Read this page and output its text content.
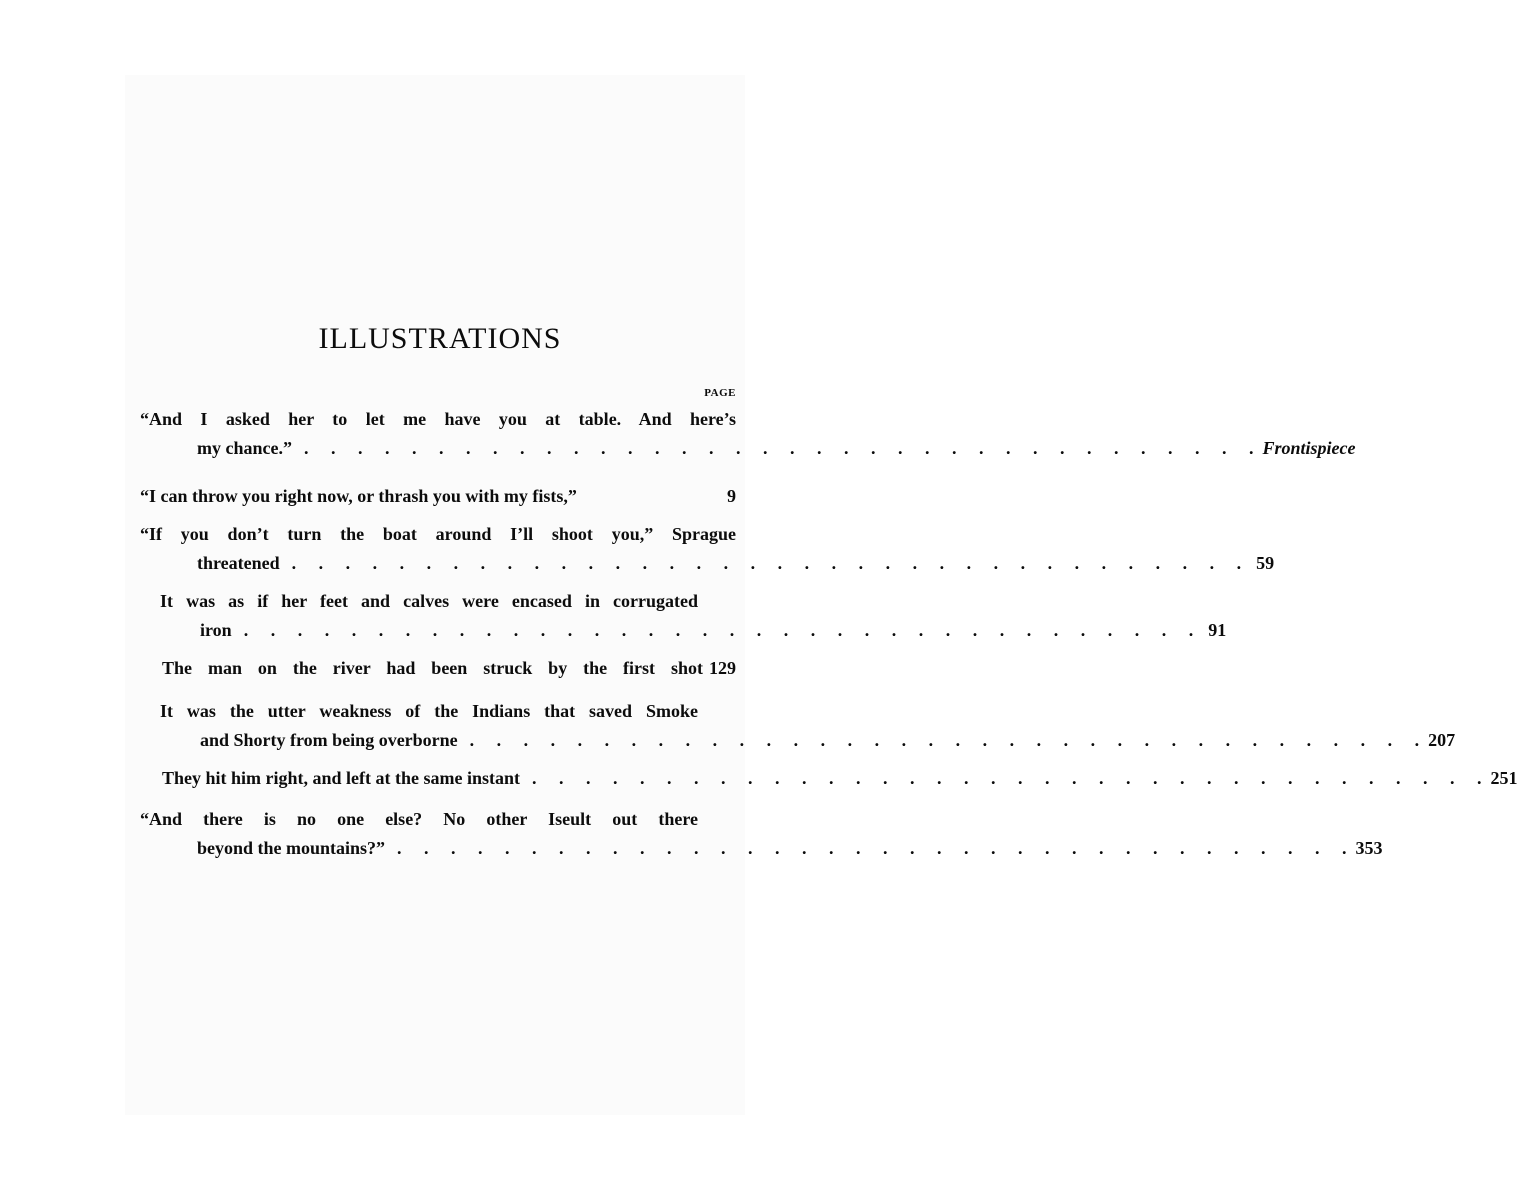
ILLUSTRATIONS
PAGE
“And I asked her to let me have you at table. And here’s
my chance.” . . . . . . . . . . . . . . . . . . . . . . . . . . . . . . . . . . . . Frontispiece
“I can throw you right now, or thrash you with my fists,”	9
“If you don’t turn the boat around I’ll shoot you,” Sprague
threatened . . . . . . . . . . . . . . . . . . . . . . . . . . . . . . . . . . . . 59
It was as if her feet and calves were encased in corrugated
iron . . . . . . . . . . . . . . . . . . . . . . . . . . . . . . . . . . . . 91
The man on the river had been struck by the first shot 129
It was the utter weakness of the Indians that saved Smoke
and Shorty from being overborne . . . . . . . . . . . . . . . . . . . . . . . . . . . . . . . . . . . . 207
They hit him right, and left at the same instant . . . . . . . . . . . . . . . . . . . . . . . . . . . . . . . . . . . . 251
“And there is no one else? No other Iseult out there
beyond the mountains?” . . . . . . . . . . . . . . . . . . . . . . . . . . . . . . . . . . . . 353
